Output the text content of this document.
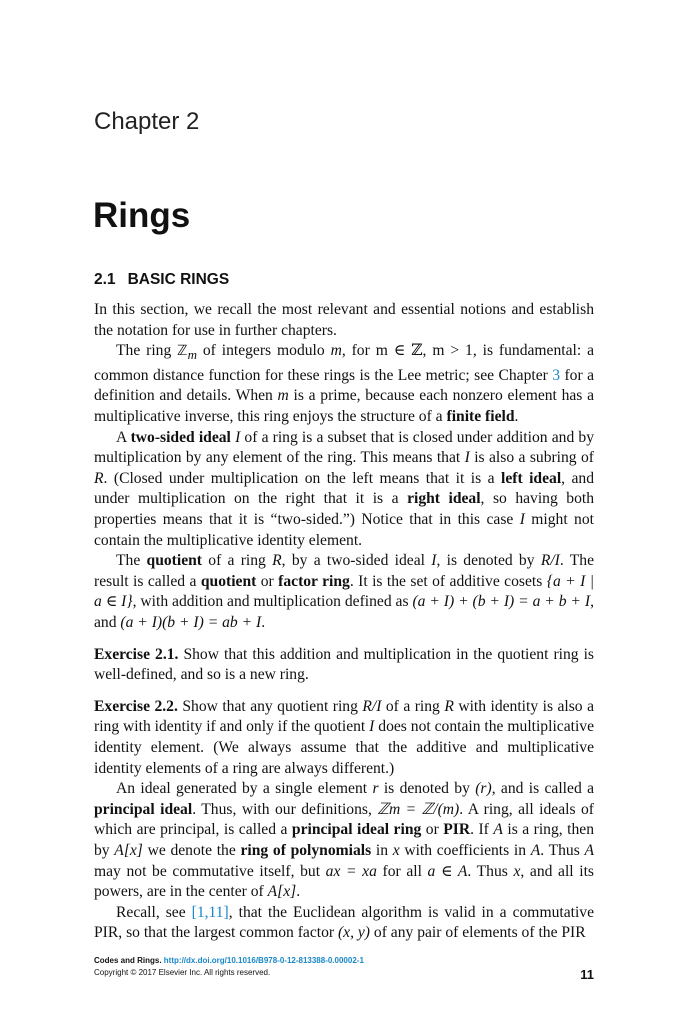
Chapter 2
Rings
2.1 BASIC RINGS

In this section, we recall the most relevant and essential notions and establish the notation for use in further chapters.

The ring ℤ$_m$ of integers modulo m, for m ∈ ℤ, m > 1, is fundamental: a common distance function for these rings is the Lee metric; see Chapter 3 for a definition and details. When m is a prime, because each nonzero element has a multiplicative inverse, this ring enjoys the structure of a finite field.

A two-sided ideal I of a ring is a subset that is closed under addition and by multiplication by any element of the ring. This means that I is also a subring of R. (Closed under multiplication on the left means that it is a left ideal, and under multiplication on the right that it is a right ideal, so having both properties means that it is “two-sided.”) Notice that in this case I might not contain the multiplicative identity element.

The quotient of a ring R, by a two-sided ideal I, is denoted by R/I. The result is called a quotient or factor ring. It is the set of additive cosets {a + I | a ∈ I}, with addition and multiplication defined as (a + I) + (b + I) = a + b + I, and (a + I)(b + I) = ab + I.

Exercise 2.1. Show that this addition and multiplication in the quotient ring is well-defined, and so is a new ring.

Exercise 2.2. Show that any quotient ring R/I of a ring R with identity is also a ring with identity if and only if the quotient I does not contain the multiplicative identity element. (We always assume that the additive and multiplicative identity elements of a ring are always different.)

An ideal generated by a single element r is denoted by (r), and is called a principal ideal. Thus, with our definitions, ℤm = ℤ/(m). A ring, all ideals of which are principal, is called a principal ideal ring or PIR. If A is a ring, then by A[x] we denote the ring of polynomials in x with coefficients in A. Thus A may not be commutative itself, but ax = xa for all a ∈ A. Thus x, and all its powers, are in the center of A[x].

Recall, see [1,11], that the Euclidean algorithm is valid in a commutative PIR, so that the largest common factor (x, y) of any pair of elements of the PIR

Codes and Rings. http://dx.doi.org/10.1016/B978-0-12-813388-0.00002-1
Copyright © 2017 Elsevier Inc. All rights reserved.	11
